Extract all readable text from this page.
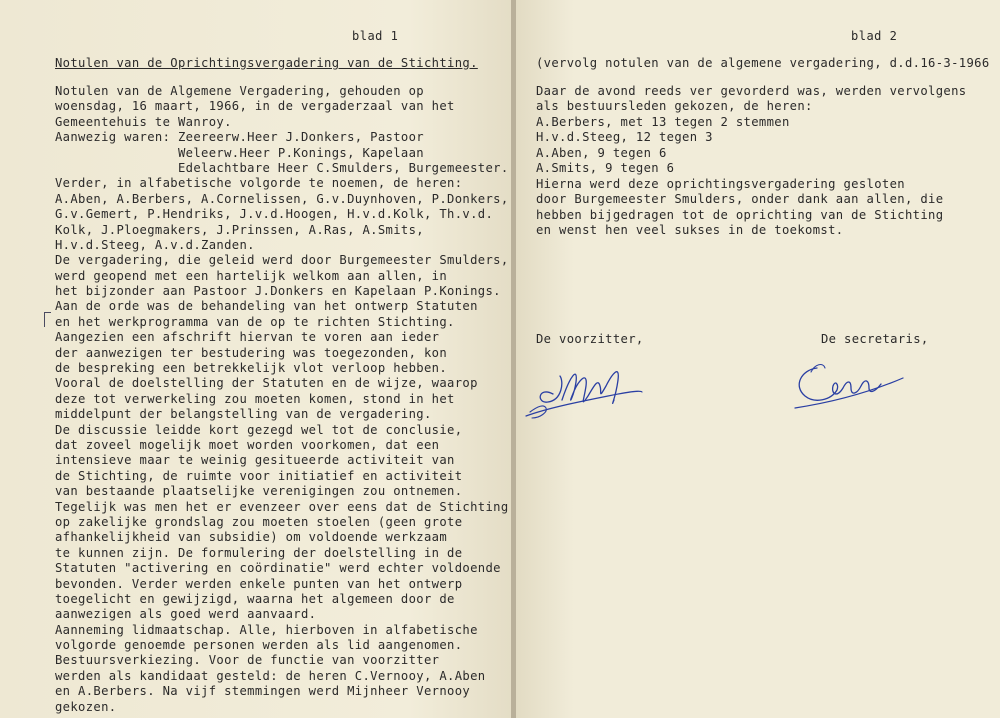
blad 1
Notulen van de Oprichtingsvergadering van de Stichting.
Notulen van de Algemene Vergadering, gehouden op
woensdag, 16 maart, 1966, in de vergaderzaal van het
Gemeentehuis te Wanroy.
Aanwezig waren: Zeereerw.Heer J.Donkers, Pastoor
Weleerw.Heer P.Konings, Kapelaan
Edelachtbare Heer C.Smulders, Burgemeester.
Verder, in alfabetische volgorde te noemen, de heren:
A.Aben, A.Berbers, A.Cornelissen, G.v.Duynhoven, P.Donkers,
G.v.Gemert, P.Hendriks, J.v.d.Hoogen, H.v.d.Kolk, Th.v.d.
Kolk, J.Ploegmakers, J.Prinssen, A.Ras, A.Smits,
H.v.d.Steeg, A.v.d.Zanden.
De vergadering, die geleid werd door Burgemeester Smulders,
werd geopend met een hartelijk welkom aan allen, in
het bijzonder aan Pastoor J.Donkers en Kapelaan P.Konings.
Aan de orde was de behandeling van het ontwerp Statuten
en het werkprogramma van de op te richten Stichting.
Aangezien een afschrift hiervan te voren aan ieder
der aanwezigen ter bestudering was toegezonden, kon
de bespreking een betrekkelijk vlot verloop hebben.
Vooral de doelstelling der Statuten en de wijze, waarop
deze tot verwerkeling zou moeten komen, stond in het
middelpunt der belangstelling van de vergadering.
De discussie leidde kort gezegd wel tot de conclusie,
dat zoveel mogelijk moet worden voorkomen, dat een
intensieve maar te weinig gesitueerde activiteit van
de Stichting, de ruimte voor initiatief en activiteit
van bestaande plaatselijke verenigingen zou ontnemen.
Tegelijk was men het er evenzeer over eens dat de Stichting
op zakelijke grondslag zou moeten stoelen (geen grote
afhankelijkheid van subsidie) om voldoende werkzaam
te kunnen zijn. De formulering der doelstelling in de
Statuten "activering en coördinatie" werd echter voldoende
bevonden. Verder werden enkele punten van het ontwerp
toegelicht en gewijzigd, waarna het algemeen door de
aanwezigen als goed werd aanvaard.
Aanneming lidmaatschap. Alle, hierboven in alfabetische
volgorde genoemde personen werden als lid aangenomen.
Bestuursverkiezing. Voor de functie van voorzitter
werden als kandidaat gesteld: de heren C.Vernooy, A.Aben
en A.Berbers. Na vijf stemmingen werd Mijnheer Vernooy
gekozen.
blad 2
(vervolg notulen van de algemene vergadering, d.d.16-3-1966
Daar de avond reeds ver gevorderd was, werden vervolgens
als bestuursleden gekozen, de heren:
A.Berbers, met 13 tegen 2 stemmen
H.v.d.Steeg, 12 tegen 3
A.Aben, 9 tegen 6
A.Smits, 9 tegen 6
Hierna werd deze oprichtingsvergadering gesloten
door Burgemeester Smulders, onder dank aan allen, die
hebben bijgedragen tot de oprichting van de Stichting
en wenst hen veel sukses in de toekomst.
De voorzitter,	De secretaris,
